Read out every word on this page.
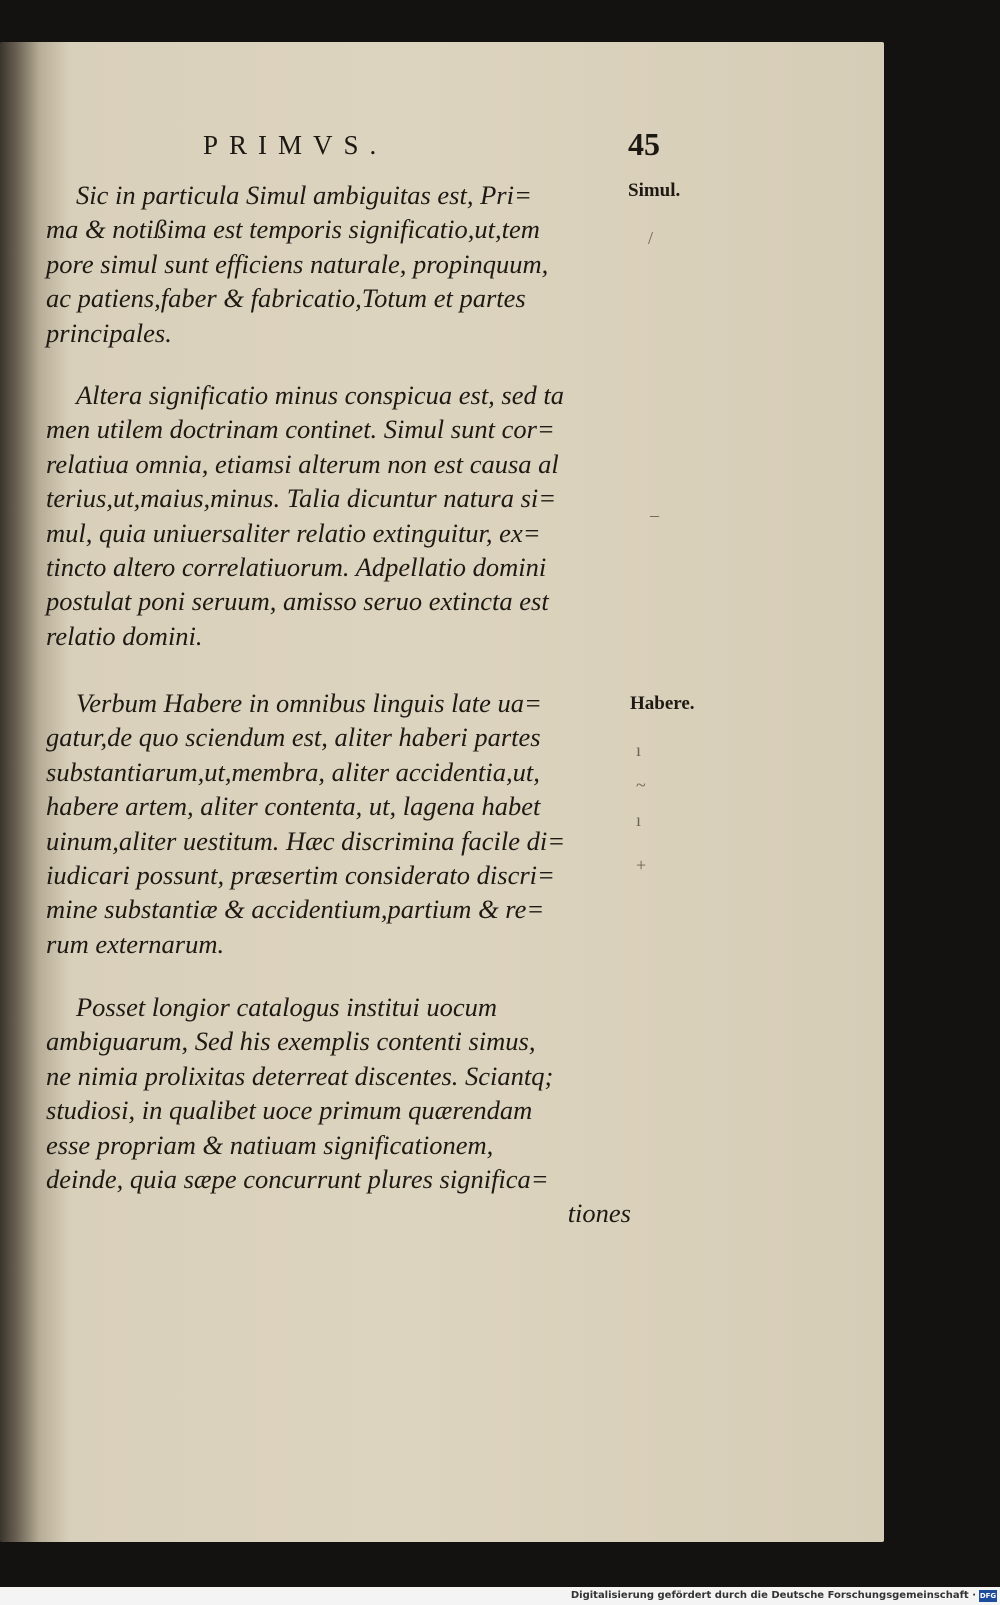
PRIMVS.	45
Simul.
Habere.
/
–
ı
~
ı
+
Sic in particula Simul ambiguitas est, Pri=
ma & notißima est temporis significatio,ut,tem
pore simul sunt efficiens naturale, propinquum,
ac patiens,faber & fabricatio,Totum et partes
principales.
Altera significatio minus conspicua est, sed ta
men utilem doctrinam continet. Simul sunt cor=
relatiua omnia, etiamsi alterum non est causa al
terius,ut,maius,minus. Talia dicuntur natura si=
mul, quia uniuersaliter relatio extinguitur, ex=
tincto altero correlatiuorum. Adpellatio domini
postulat poni seruum, amisso seruo extincta est
relatio domini.
Verbum Habere in omnibus linguis late ua=
gatur,de quo sciendum est, aliter haberi partes
substantiarum,ut,membra, aliter accidentia,ut,
habere artem, aliter contenta, ut, lagena habet
uinum,aliter uestitum. Hæc discrimina facile di=
iudicari possunt, præsertim considerato discri=
mine substantiæ & accidentium,partium & re=
rum externarum.
Posset longior catalogus institui uocum
ambiguarum, Sed his exemplis contenti simus,
ne nimia prolixitas deterreat discentes. Sciantq;
studiosi, in qualibet uoce primum quærendam
esse propriam & natiuam significationem,
deinde, quia sæpe concurrunt plures significa=
tiones
Digitalisierung gefördert durch die Deutsche Forschungsgemeinschaft · DFG
